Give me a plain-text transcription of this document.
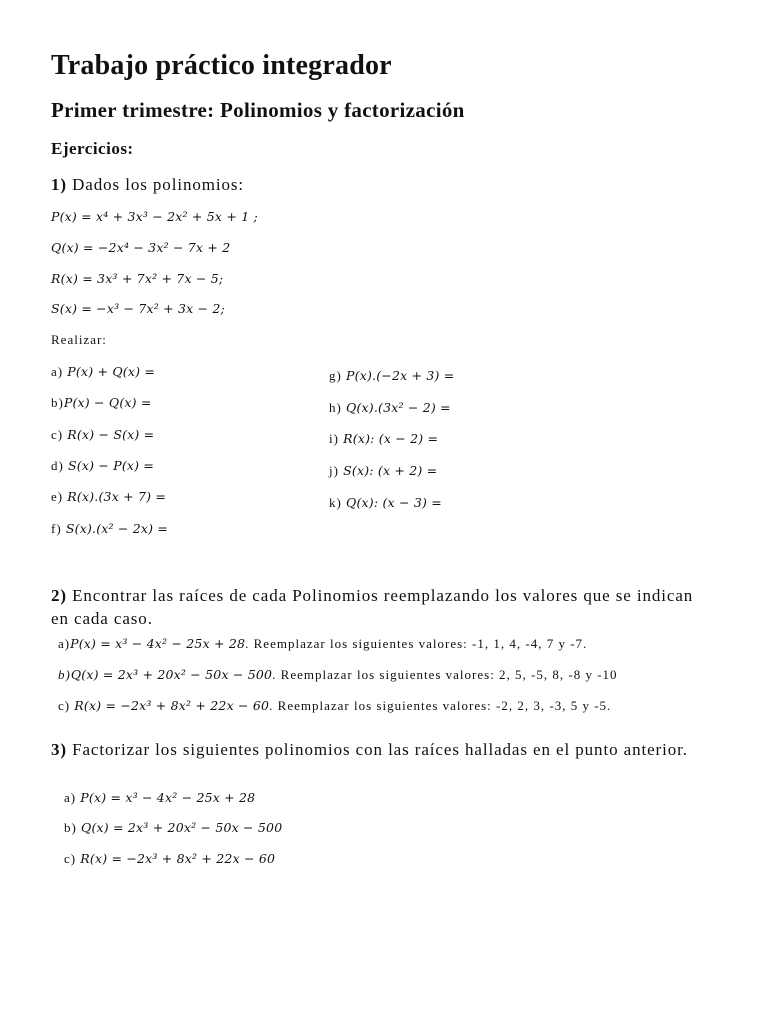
Trabajo práctico integrador
Primer trimestre: Polinomios y factorización
Ejercicios:
1) Dados los polinomios:
P(x) = x⁴ + 3x³ − 2x² + 5x + 1 ;
Q(x) = −2x⁴ − 3x² − 7x + 2
R(x) = 3x³ + 7x² + 7x − 5;
S(x) = −x³ − 7x² + 3x − 2;
Realizar:
a) P(x) + Q(x) =
b)P(x) − Q(x) =
c) R(x) − S(x) =
d) S(x) − P(x) =
e) R(x).(3x + 7) =
f) S(x).(x² − 2x) =
g) P(x).(−2x + 3) =
h) Q(x).(3x² − 2) =
i) R(x): (x − 2) =
j) S(x): (x + 2) =
k) Q(x): (x − 3) =
2) Encontrar las raíces de cada Polinomios reemplazando los valores que se indican en cada caso.
a)P(x) = x³ − 4x² − 25x + 28. Reemplazar los siguientes valores: -1, 1, 4, -4, 7 y -7.
b)Q(x) = 2x³ + 20x² − 50x − 500. Reemplazar los siguientes valores: 2, 5, -5, 8, -8 y -10
c) R(x) = −2x³ + 8x² + 22x − 60. Reemplazar los siguientes valores: -2, 2, 3, -3, 5 y -5.
3) Factorizar los siguientes polinomios con las raíces halladas en el punto anterior.
a) P(x) = x³ − 4x² − 25x + 28
b) Q(x) = 2x³ + 20x² − 50x − 500
c) R(x) = −2x³ + 8x² + 22x − 60
